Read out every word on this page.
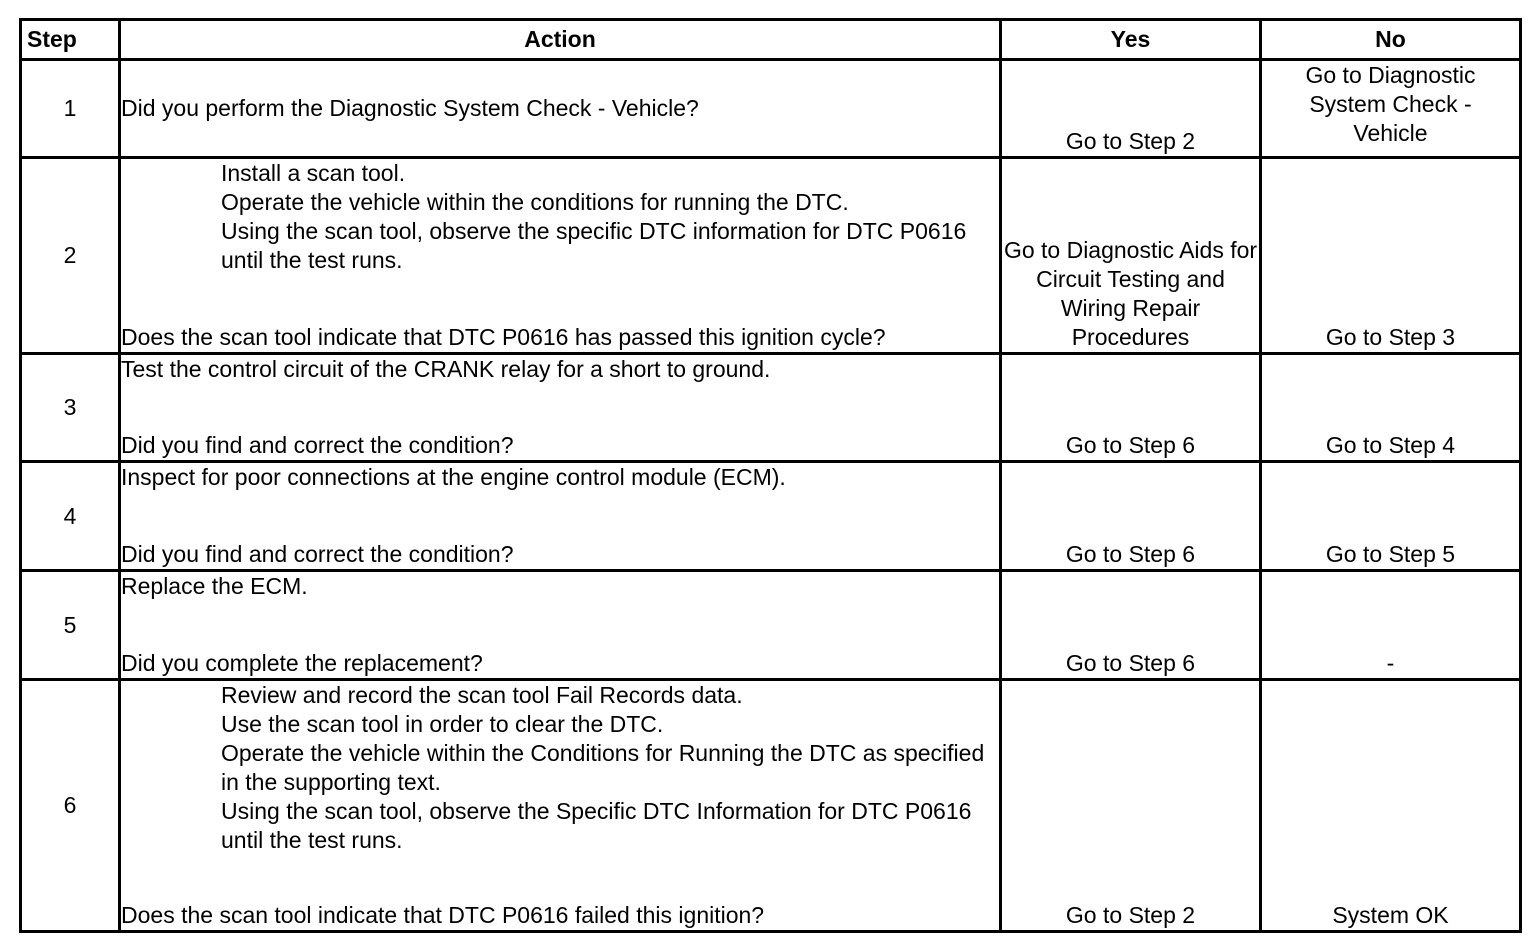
Step	Action	Yes	No
1	Did you perform the Diagnostic System Check - Vehicle?	Go to Step 2	Go to Diagnostic System Check - Vehicle
2	Install a scan tool.
Operate the vehicle within the conditions for running the DTC.
Using the scan tool, observe the specific DTC information for DTC P0616 until the test runs.
Does the scan tool indicate that DTC P0616 has passed this ignition cycle?	Go to Diagnostic Aids for Circuit Testing and Wiring Repair Procedures	Go to Step 3
3	Test the control circuit of the CRANK relay for a short to ground.
Did you find and correct the condition?	Go to Step 6	Go to Step 4
4	Inspect for poor connections at the engine control module (ECM).
Did you find and correct the condition?	Go to Step 6	Go to Step 5
5	Replace the ECM.
Did you complete the replacement?	Go to Step 6	-
6	Review and record the scan tool Fail Records data.
Use the scan tool in order to clear the DTC.
Operate the vehicle within the Conditions for Running the DTC as specified in the supporting text.
Using the scan tool, observe the Specific DTC Information for DTC P0616 until the test runs.
Does the scan tool indicate that DTC P0616 failed this ignition?	Go to Step 2	System OK
